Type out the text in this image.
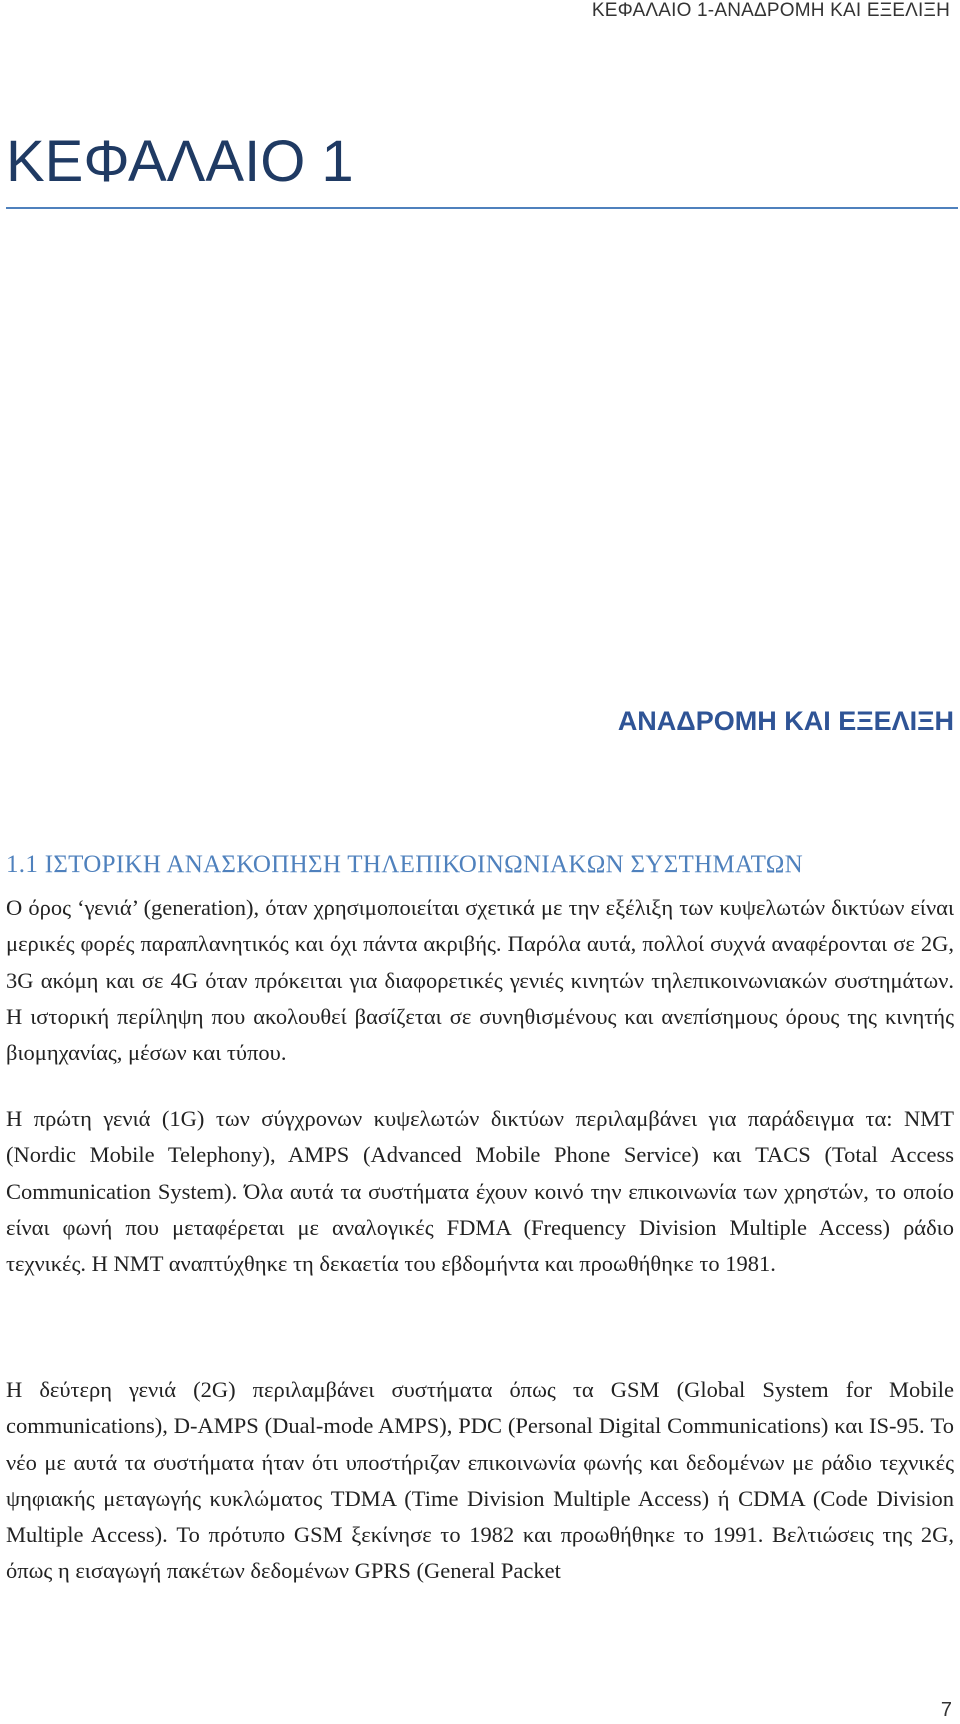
ΚΕΦΑΛΑΙΟ 1-ΑΝΑΔΡΟΜΗ ΚΑΙ ΕΞΕΛΙΞΗ
ΚΕΦΑΛΑΙΟ 1
ΑΝΑΔΡΟΜΗ ΚΑΙ ΕΞΕΛΙΞΗ
1.1 ΙΣΤΟΡΙΚΗ ΑΝΑΣΚΟΠΗΣΗ ΤΗΛΕΠΙΚΟΙΝΩΝΙΑΚΩΝ ΣΥΣΤΗΜΑΤΩΝ

Ο όρος ‘γενιά’ (generation), όταν χρησιμοποιείται σχετικά με την εξέλιξη των κυψελωτών δικτύων είναι μερικές φορές παραπλανητικός και όχι πάντα ακριβής. Παρόλα αυτά, πολλοί συχνά αναφέρονται σε 2G, 3G ακόμη και σε 4G όταν πρόκειται για διαφορετικές γενιές κινητών τηλεπικοινωνιακών συστημάτων. Η ιστορική περίληψη που ακολουθεί βασίζεται σε συνηθισμένους και ανεπίσημους όρους της κινητής βιομηχανίας, μέσων και τύπου.

Η πρώτη γενιά (1G) των σύγχρονων κυψελωτών δικτύων περιλαμβάνει για παράδειγμα τα: NMT (Nordic Mobile Telephony), AMPS (Advanced Mobile Phone Service) και TACS (Total Access Communication System). Όλα αυτά τα συστήματα έχουν κοινό την επικοινωνία των χρηστών, το οποίο είναι φωνή που μεταφέρεται με αναλογικές FDMA (Frequency Division Multiple Access) ράδιο τεχνικές. Η NMT αναπτύχθηκε τη δεκαετία του εβδομήντα και προωθήθηκε το 1981.

Η δεύτερη γενιά (2G) περιλαμβάνει συστήματα όπως τα GSM (Global System for Mobile communications), D-AMPS (Dual-mode AMPS), PDC (Personal Digital Communications) και IS-95. Το νέο με αυτά τα συστήματα ήταν ότι υποστήριζαν επικοινωνία φωνής και δεδομένων με ράδιο τεχνικές ψηφιακής μεταγωγής κυκλώματος TDMA (Time Division Multiple Access) ή CDMA (Code Division Multiple Access). Το πρότυπο GSM ξεκίνησε το 1982 και προωθήθηκε το 1991. Βελτιώσεις της 2G, όπως η εισαγωγή πακέτων δεδομένων GPRS (General Packet

7
